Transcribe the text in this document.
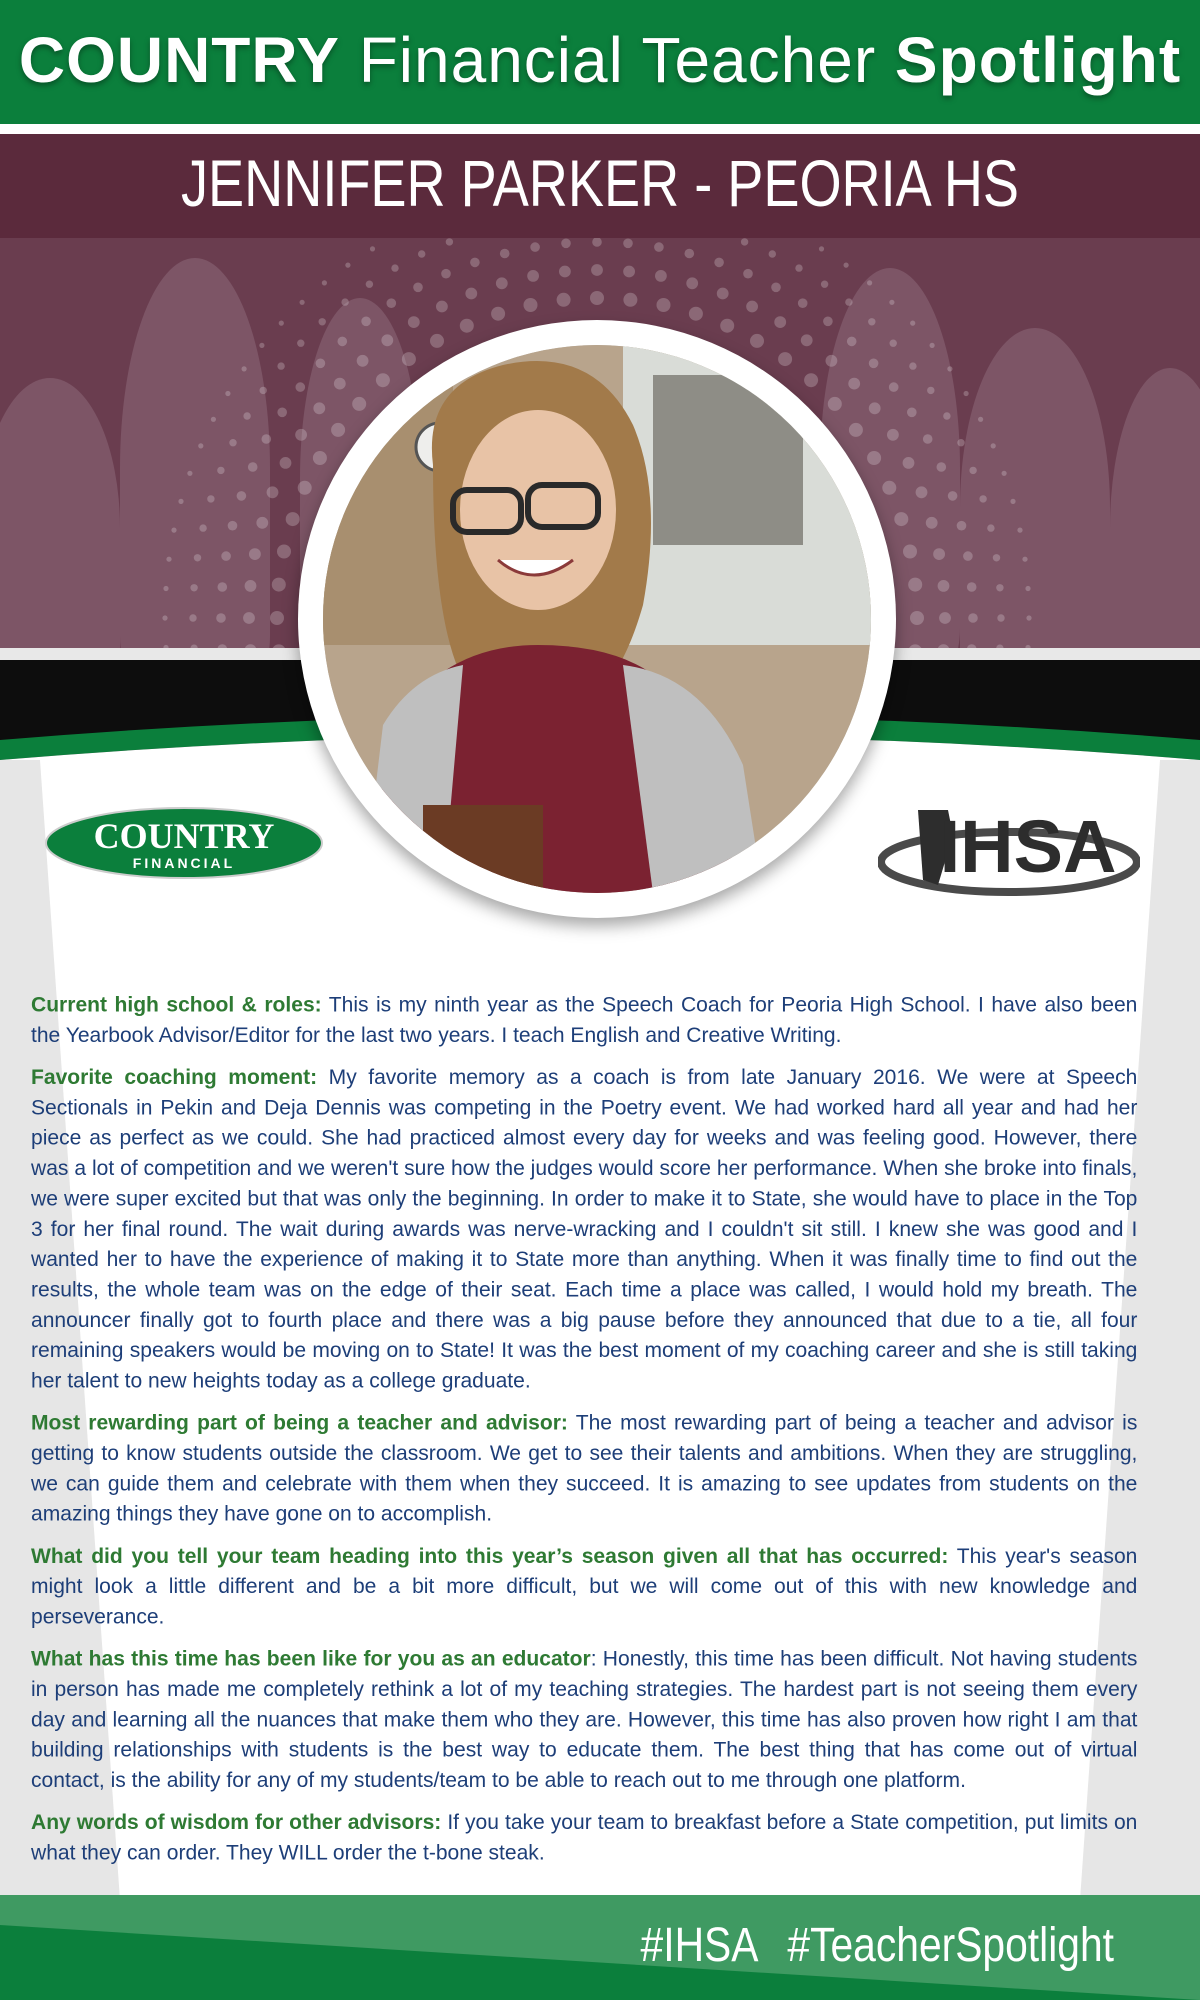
COUNTRY Financial Teacher Spotlight
JENNIFER PARKER - PEORIA HS
COUNTRY
FINANCIAL	IHSA

Current high school & roles: This is my ninth year as the Speech Coach for Peoria High School. I have also been the Yearbook Advisor/Editor for the last two years. I teach English and Creative Writing.

Favorite coaching moment: My favorite memory as a coach is from late January 2016. We were at Speech Sectionals in Pekin and Deja Dennis was competing in the Poetry event. We had worked hard all year and had her piece as perfect as we could. She had practiced almost every day for weeks and was feeling good. However, there was a lot of competition and we weren't sure how the judges would score her performance. When she broke into finals, we were super excited but that was only the beginning. In order to make it to State, she would have to place in the Top 3 for her final round. The wait during awards was nerve-wracking and I couldn't sit still. I knew she was good and I wanted her to have the experience of making it to State more than anything. When it was finally time to find out the results, the whole team was on the edge of their seat. Each time a place was called, I would hold my breath. The announcer finally got to fourth place and there was a big pause before they announced that due to a tie, all four remaining speakers would be moving on to State! It was the best moment of my coaching career and she is still taking her talent to new heights today as a college graduate.

Most rewarding part of being a teacher and advisor: The most rewarding part of being a teacher and advisor is getting to know students outside the classroom. We get to see their talents and ambitions. When they are struggling, we can guide them and celebrate with them when they succeed. It is amazing to see updates from students on the amazing things they have gone on to accomplish.

What did you tell your team heading into this year’s season given all that has occurred: This year's season might look a little different and be a bit more difficult, but we will come out of this with new knowledge and perseverance.

What has this time has been like for you as an educator: Honestly, this time has been difficult. Not having students in person has made me completely rethink a lot of my teaching strategies. The hardest part is not seeing them every day and learning all the nuances that make them who they are. However, this time has also proven how right I am that building relationships with students is the best way to educate them. The best thing that has come out of virtual contact, is the ability for any of my students/team to be able to reach out to me through one platform.

Any words of wisdom for other advisors: If you take your team to breakfast before a State competition, put limits on what they can order. They WILL order the t-bone steak.

#IHSA #TeacherSpotlight
